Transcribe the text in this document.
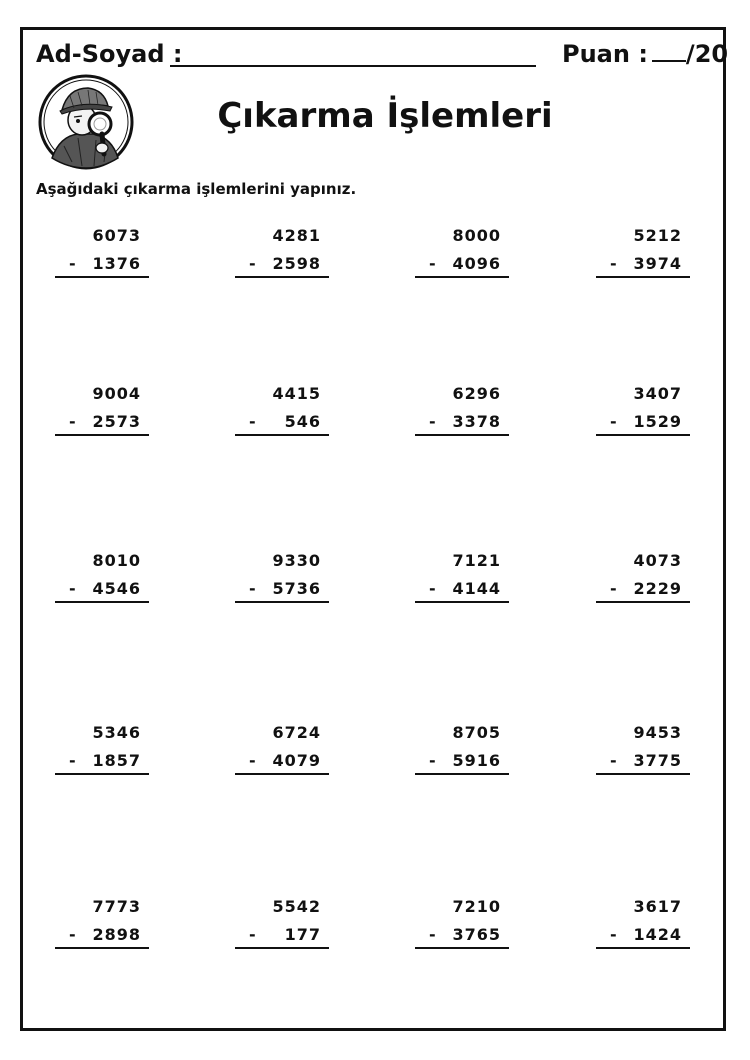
Ad-Soyad :	Puan : /20
Çıkarma İşlemleri
Aşağıdaki çıkarma işlemlerini yapınız.
6073
- 1376
4281
- 2598
8000
- 4096
5212
- 3974
9004
- 2573
4415
- 546
6296
- 3378
3407
- 1529
8010
- 4546
9330
- 5736
7121
- 4144
4073
- 2229
5346
- 1857
6724
- 4079
8705
- 5916
9453
- 3775
7773
- 2898
5542
- 177
7210
- 3765
3617
- 1424
